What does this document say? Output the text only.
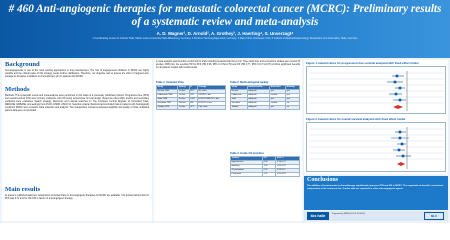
# 460 Anti-angiogenic therapies for metastatic colorectal cancer (MCRC): Preliminary results of a systematic review and meta-analysis
A. D. Wagner¹, D. Arnold², A. Grothey³, J. Haerting⁴, S. Unverzagt⁴
1 Coordinating Centre for Clinical Trials, Martin-Luther-University Halle-Wittenberg, Germany; 2 Klinikum Hamburg-Eppendorf, Germany; 3 Mayo Clinic, Rochester, USA; 4 Institute of Medical Epidemiology, Biostatistics and Informatics, Halle, Germany
Background
Anti-angiogenesis is one of the most exciting approaches in drug development. The role of angiogenesis inhibitors in MCRC are highly variable and the clinical value of this strategy needs further clarification. Therefore, our objective was to assess the effect of targeted anti-angiogenic therapies in addition to chemotherapy (ch) in patients with MCRC.
Methods
Methods: This systematic review and meta-analysis were performed on the basis of a previously published protocol. Progression-free (PFS) and overall survival (OS) were primary endpoints, with OS being inconclusive for trial design. Response rates (RR), toxicity and secondary endpoints were evaluated. Search strategy: Electronic and manual searches in: The Cochrane Central Register of Controlled Trials, MEDLINE, EMBASE, proceedings from ASCO, ESMO, ASCO GI. Selection criteria: Randomized controlled trials in patients with histologically confirmed MCRC were included. Data collection and analysis: Two independent reviewers assessed eligibility and quality of trials; individual patient data were not provided.
Main results
At present, published data from randomized controlled trials on anti-angiogenic therapies for MCRC are available. The pooled hazard ratio for PFS was 0.72 and for OS 0.84 in favour of anti-angiogenic therapy.
A meta-analysis was therefore performed for trials including bevacizumab (bev) only. Three trials first- and second-line studies were pooled (5 studies, 3665 pts), the resulting HR for PFS (HR 0.66, 95% CI 0.62-0.76) and OS (HR 0.77, 95% CI 0.71-0.87) confirms significant benefits for all patients treated with bevacizumab.
Table 1. Included trials
Study	Setting	N	Therapy
Hurwitz 2004	1st line	813	IFL ± bev
Kabbinavar 2005	1st line	209	5-FU/LV ± bev
Saltz 2008	1st line	1401	FOLFOX/XELOX ± bev
Giantonio 2007	2nd line	829	FOLFOX ± bev
Tebbutt 2010	1st line	471	Cap ± bev
Table 2. Methodological quality
Study	Randomisation	Allocation	Blinding
Hurwitz	adequate	yes	yes
Kabbinavar	adequate	unclear	yes
Saltz	adequate	yes	yes
Giantonio	adequate	unclear	no
Tebbutt	adequate	yes	no
Table 3. Grade 3/4 toxicities
Toxicity	OR	95% CI
Hypertension	4.44	2.93-6.73
Bleeding	1.54	1.02-2.33
GI perforation	2.54	0.93-6.97
Proteinuria	1.97	0.92-4.23
Figure 1. Hazard ratios for progression-free survival analyzed with fixed effect model
Figure 2. Hazard ratios for overall survival analyzed with fixed effect model
Conclusions
The addition of bevacizumab to chemotherapy significantly improves PFS and OS in MCRC. The magnitude of benefit is consistent, independent of the treatment line. Further data are required for other anti-angiogenic agents.
kks halle	Supported by BMBF (FKZ 01 KN 0903)	MLU
